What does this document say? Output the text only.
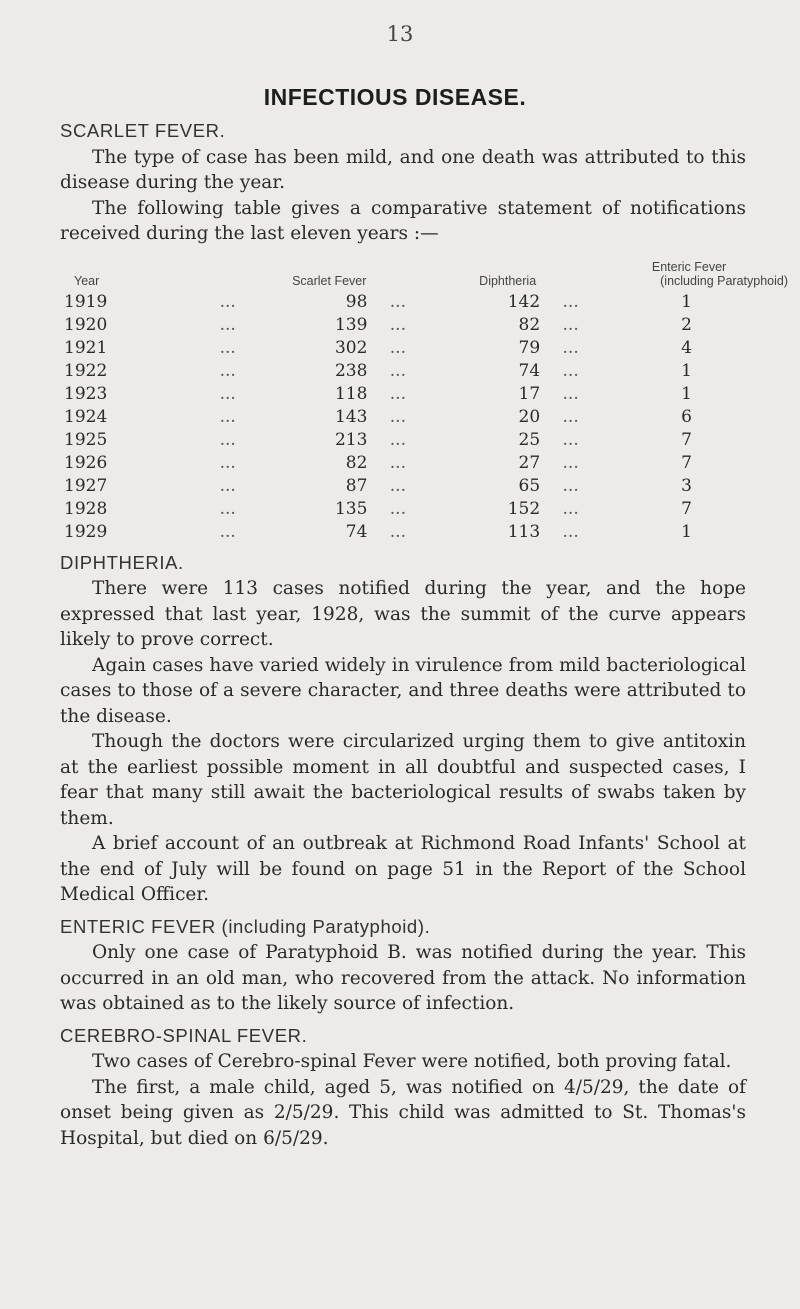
13
INFECTIOUS DISEASE.
SCARLET FEVER.

The type of case has been mild, and one death was attributed to this disease during the year.

The following table gives a comparative statement of notifications received during the last eleven years :—

Year		Scarlet Fever		Diphtheria		Enteric Fever
(including Paratyphoid)

1919	...	98	...	142	...	1
1920	...	139	...	82	...	2
1921	...	302	...	79	...	4
1922	...	238	...	74	...	1
1923	...	118	...	17	...	1
1924	...	143	...	20	...	6
1925	...	213	...	25	...	7
1926	...	82	...	27	...	7
1927	...	87	...	65	...	3
1928	...	135	...	152	...	7
1929	...	74	...	113	...	1
DIPHTHERIA.

There were 113 cases notified during the year, and the hope expressed that last year, 1928, was the summit of the curve appears likely to prove correct.

Again cases have varied widely in virulence from mild bacteriological cases to those of a severe character, and three deaths were attributed to the disease.

Though the doctors were circularized urging them to give antitoxin at the earliest possible moment in all doubtful and suspected cases, I fear that many still await the bacteriological results of swabs taken by them.

A brief account of an outbreak at Richmond Road Infants' School at the end of July will be found on page 51 in the Report of the School Medical Officer.

ENTERIC FEVER (including Paratyphoid).

Only one case of Paratyphoid B. was notified during the year. This occurred in an old man, who recovered from the attack. No information was obtained as to the likely source of infection.

CEREBRO-SPINAL FEVER.

Two cases of Cerebro-spinal Fever were notified, both proving fatal.

The first, a male child, aged 5, was notified on 4/5/29, the date of onset being given as 2/5/29. This child was admitted to St. Thomas's Hospital, but died on 6/5/29.
